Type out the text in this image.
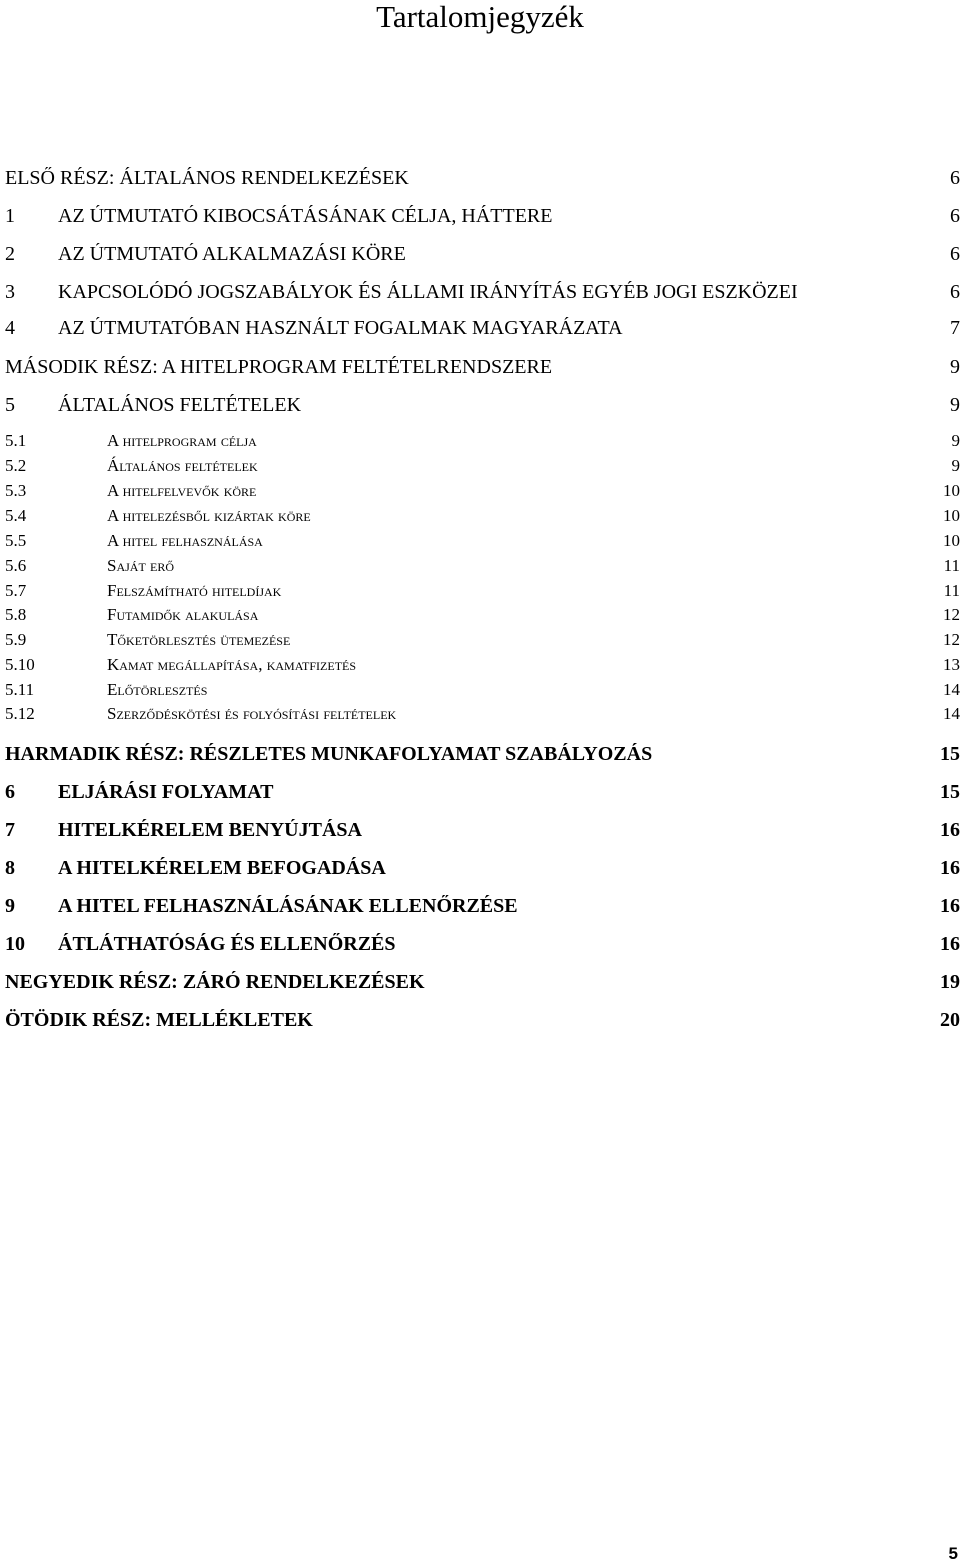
Tartalomjegyzék
ELSŐ RÉSZ: ÁLTALÁNOS RENDELKEZÉSEK	6
1	AZ ÚTMUTATÓ KIBOCSÁTÁSÁNAK CÉLJA, HÁTTERE	6
2	AZ ÚTMUTATÓ ALKALMAZÁSI KÖRE	6
3	KAPCSOLÓDÓ JOGSZABÁLYOK ÉS ÁLLAMI IRÁNYÍTÁS EGYÉB JOGI ESZKÖZEI	6
4	AZ ÚTMUTATÓBAN HASZNÁLT FOGALMAK MAGYARÁZATA	7
MÁSODIK RÉSZ: A HITELPROGRAM FELTÉTELRENDSZERE	9
5	ÁLTALÁNOS FELTÉTELEK	9
5.1	A hitelprogram célja	9
5.2	Általános feltételek	9
5.3	A hitelfelvevők köre	10
5.4	A hitelezésből kizártak köre	10
5.5	A hitel felhasználása	10
5.6	Saját erő	11
5.7	Felszámítható hiteldíjak	11
5.8	Futamidők alakulása	12
5.9	Tőketörlesztés ütemezése	12
5.10	Kamat megállapítása, kamatfizetés	13
5.11	Előtörlesztés	14
5.12	Szerződéskötési és folyósítási feltételek	14
HARMADIK RÉSZ: RÉSZLETES MUNKAFOLYAMAT SZABÁLYOZÁS	15
6	ELJÁRÁSI FOLYAMAT	15
7	HITELKÉRELEM BENYÚJTÁSA	16
8	A HITELKÉRELEM BEFOGADÁSA	16
9	A HITEL FELHASZNÁLÁSÁNAK ELLENŐRZÉSE	16
10	ÁTLÁTHATÓSÁG ÉS ELLENŐRZÉS	16
NEGYEDIK RÉSZ: ZÁRÓ RENDELKEZÉSEK	19
ÖTÖDIK RÉSZ: MELLÉKLETEK	20
5
